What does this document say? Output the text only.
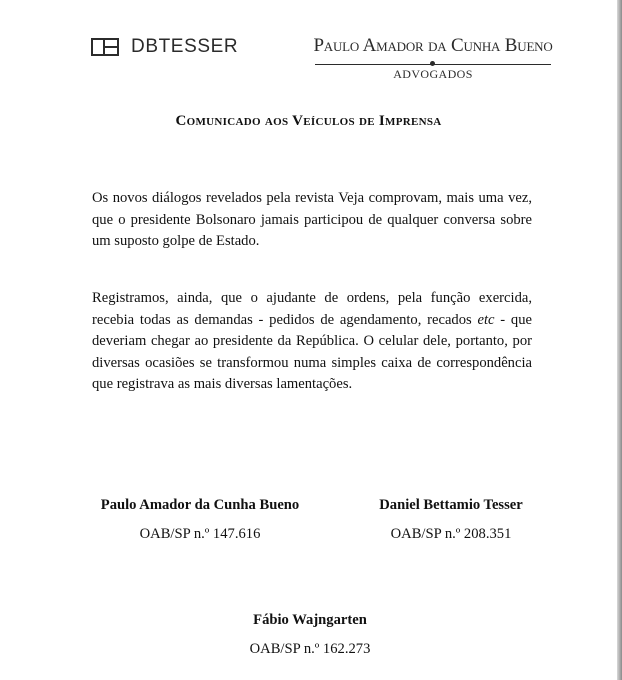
DBTESSER	Paulo Amador da Cunha Bueno
ADVOGADOS
Comunicado aos Veículos de Imprensa

Os novos diálogos revelados pela revista Veja comprovam, mais uma vez, que o presidente Bolsonaro jamais participou de qualquer conversa sobre um suposto golpe de Estado.

Registramos, ainda, que o ajudante de ordens, pela função exercida, recebia todas as demandas - pedidos de agendamento, recados etc - que deveriam chegar ao presidente da República. O celular dele, portanto, por diversas ocasiões se transformou numa simples caixa de correspondência que registrava as mais diversas lamentações.

Paulo Amador da Cunha Bueno
OAB/SP n.º 147.616
Daniel Bettamio Tesser
OAB/SP n.º 208.351
Fábio Wajngarten
OAB/SP n.º 162.273
